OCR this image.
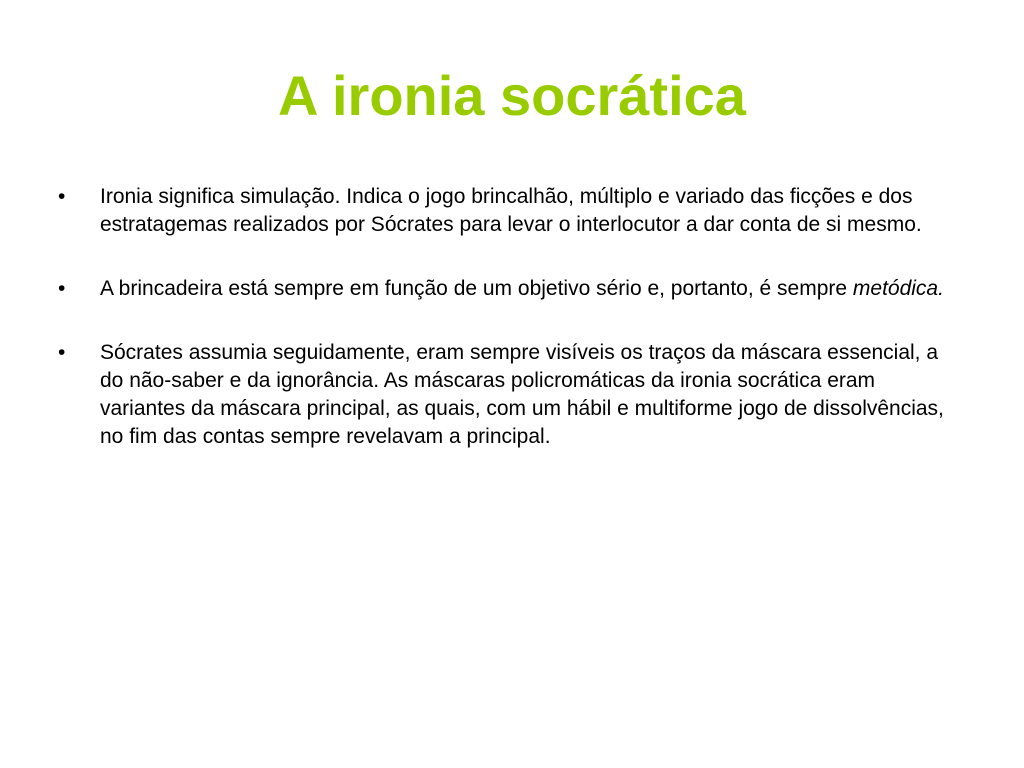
A ironia socrática
• Ironia significa simulação. Indica o jogo brincalhão, múltiplo e variado das ficções e dos estratagemas realizados por Sócrates para levar o interlocutor a dar conta de si mesmo.
• A brincadeira está sempre em função de um objetivo sério e, portanto, é sempre metódica.
• Sócrates assumia seguidamente, eram sempre visíveis os traços da máscara essencial, a do não-saber e da ignorância. As máscaras policromáticas da ironia socrática eram variantes da máscara principal, as quais, com um hábil e multiforme jogo de dissolvências, no fim das contas sempre revelavam a principal.
